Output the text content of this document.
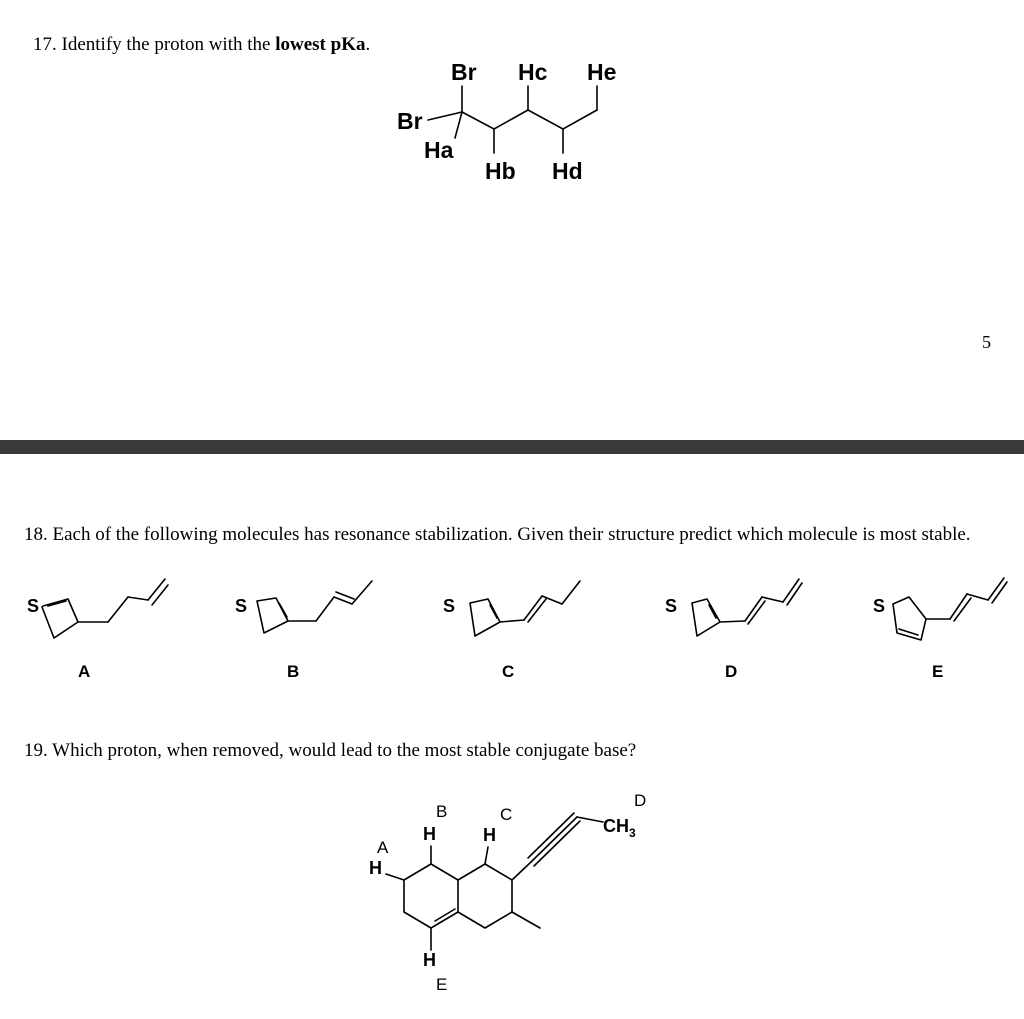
17. Identify the proton with the lowest pKa.
Br
Br
Ha
Hb
Hc
Hd
He
S
A
S
B
S
C
S
D
S
E
A
H
B
H
C
H
D
$CH_3$
H
E
5
18. Each of the following molecules has resonance stabilization. Given their structure predict which molecule is most stable.
19. Which proton, when removed, would lead to the most stable conjugate base?
